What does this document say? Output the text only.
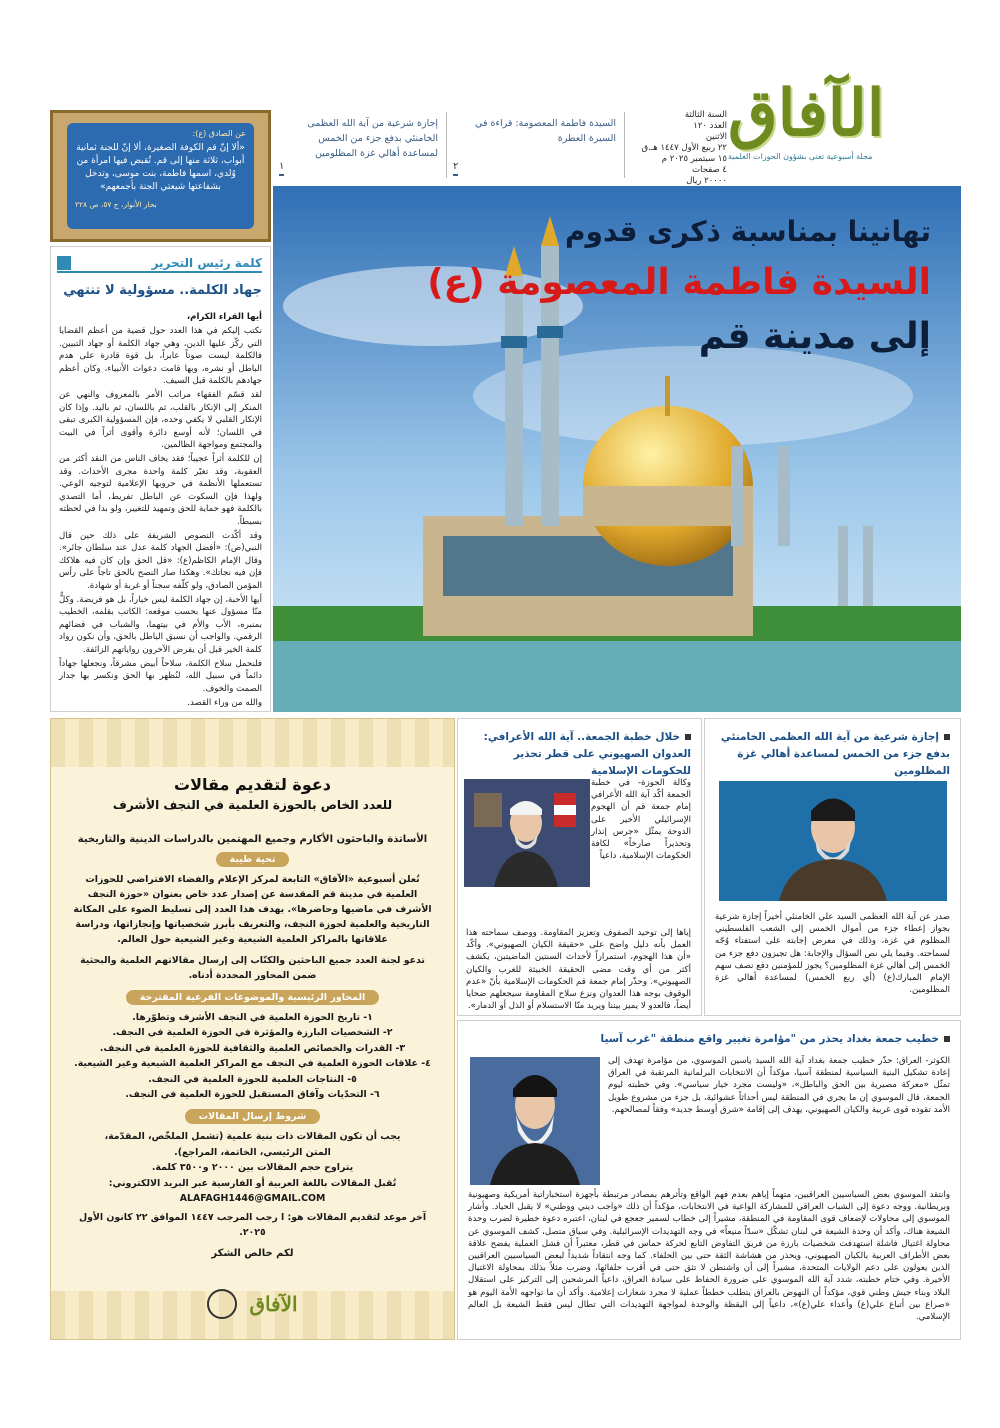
الآفاق
مجلة أسبوعية تعنى بشؤون الحوزات العلمية
السنة الثالثة
العدد ١٢٠
الاثنين
٢٢ ربيع الأول ١٤٤٧ هـ.ق
١٥ سبتمبر ٢٠٢٥ م
٤ صفحات
٢٠٠٠٠ ريال
السيدة فاطمة المعصومة: قراءة في السيرة العطرة
٢
إجازة شرعية من آية الله العظمى الخامنئي بدفع جزء من الخمس لمساعدة أهالي غزة المظلومين
١
عن الصادق (ع):
«ألا إنّ قم الكوفة الصغيرة، ألا إنّ للجنة ثمانية أبواب، ثلاثة منها إلى قم. تُقبض فيها امرأة من وُلدي، اسمها فاطمة، بنت موسى، وتدخل بشفاعتها شيعتي الجنة بأجمعهم»
بحار الأنوار، ج ٥٧، ص ٢٢٨
كلمة رئيس التحرير
جهاد الكلمة.. مسؤولية لا تنتهي

أيها القراء الكرام،

نكتب إليكم في هذا العدد حول قضية من أعظم القضايا التي ركّز عليها الدين، وهي جهاد الكلمة أو جهاد التبيين. فالكلمة ليست صوتاً عابراً، بل قوة قادرة على هدم الباطل أو نشره، وبها قامت دعوات الأنبياء، وكان أعظم جهادهم بالكلمة قبل السيف.

لقد قسّم الفقهاء مراتب الأمر بالمعروف والنهي عن المنكر إلى الإنكار بالقلب، ثم باللسان، ثم باليد. وإذا كان الإنكار القلبي لا يكفي وحده، فإن المسؤولية الكبرى تبقى في اللسان؛ لأنه أوسع دائرة وأقوى أثراً في البيت والمجتمع ومواجهة الظالمين.

إن للكلمة أثراً عجيباً؛ فقد يخاف الناس من النقد أكثر من العقوبة، وقد تغيّر كلمة واحدة مجرى الأحداث. وقد تستعملها الأنظمة في حروبها الإعلامية لتوجيه الوعي. ولهذا فإن السكوت عن الباطل تفريط، أما التصدي بالكلمة فهو حماية للحق وتمهيد للتغيير، ولو بدا في لحظته بسيطاً.

وقد أكّدت النصوص الشريفة على ذلك حين قال النبي(ص): «أفضل الجهاد كلمة عدل عند سلطان جائر». وقال الإمام الكاظم(ع): «قل الحق وإن كان فيه هلاكك فإن فيه نجاتك». وهكذا صار النصح بالحق تاجاً على رأس المؤمن الصادق، ولو كلّفه سجناً أو غربة أو شهادة.

أيها الأحبة، إن جهاد الكلمة ليس خياراً، بل هو فريضة. وكلٌّ منّا مسؤول عنها بحسب موقعه: الكاتب بقلمه، الخطيب بمنبره، الأب والأم في بيتهما، والشباب في فضائهم الرقمي. والواجب أن نسبق الباطل بالحق، وأن نكون رواد كلمة الخير قبل أن يفرض الآخرون رواياتهم الزائفة.

فلنحمل سلاح الكلمة، سلاحاً أبيض مشرقاً، ونجعلها جهاداً دائماً في سبيل الله، لنُظهر بها الحق ونكسر بها جدار الصمت والخوف.

والله من وراء القصد.

تهانينا بمناسبة ذكرى قدوم
السيدة فاطمة المعصومة (ع)
إلى مدينة قم
إجازة شرعية من آية الله العظمى الخامنئي بدفع جزء من الخمس لمساعدة أهالي غزة المظلومين
صدر عن آية الله العظمى السيد علي الخامنئي أخيراً إجازة شرعية بجواز إعطاء جزء من أموال الخمس إلى الشعب الفلسطيني المظلوم في غزة، وذلك في معرض إجابته على استفتاء وُجّه لسماحته. وفيما يلي نص السؤال والإجابة: هل تجيزون دفع جزء من الخمس إلى أهالي غزة المظلومين؟ يجوز للمؤمنين دفع نصف سهم الإمام المبارك(ع) (أي ربع الخمس) لمساعدة أهالي غزة المظلومين.
خلال خطبة الجمعة.. آية الله الأعرافي: العدوان الصهيوني على قطر تحذير للحكومات الإسلامية
وكالة الحوزة- في خطبة الجمعة أكّد آية الله الأعرافي إمام جمعة قم أن الهجوم الإسرائيلي الأخير على الدوحة يمثّل «جرس إنذار وتحذيراً صارخاً» لكافة الحكومات الإسلامية، داعياً
إياها إلى توحيد الصفوف وتعزيز المقاومة. ووصف سماحته هذا العمل بأنه دليل واضح على «حقيقة الكيان الصهيوني». وأكّد «أن هذا الهجوم، استمراراً لأحداث السنتين الماضيتين، يكشف أكثر من أي وقت مضى الحقيقة الخبيثة للغرب والكيان الصهيوني». وحذّر إمام جمعة قم الحكومات الإسلامية بأنّ «عدم الوقوف بوجه هذا العدوان ونزع سلاح المقاومة سيجعلهم ضحايا أيضاً، فالعدو لا يميز بيننا ويريد منّا الاستسلام أو الذل أو الدمار».
خطيب جمعة بغداد يحذر من "مؤامرة تغيير واقع منطقة "غرب آسيا
الكوثر- العراق: حذّر خطيب جمعة بغداد آية الله السيد ياسين الموسوي، من مؤامرة تهدف إلى إعادة تشكيل البنية السياسية لمنطقة آسيا، مؤكداً أن الانتخابات البرلمانية المرتقبة في العراق تمثّل «معركة مصيرية بين الحق والباطل»، «وليست مجرد خيار سياسي». وفي خطبته ليوم الجمعة، قال الموسوي إن ما يجري في المنطقة ليس أحداثاً عشوائية، بل جزء من مشروع طويل الأمد تقوده قوى غربية والكيان الصهيوني، يهدف إلى إقامة «شرق أوسط جديد» وفقاً لمصالحهم.
وانتقد الموسوي بعض السياسيين العراقيين، متهماً إياهم بعدم فهم الواقع وتأثرهم بمصادر مرتبطة بأجهزة استخباراتية أمريكية وصهيونية وبريطانية. ووجه دعوة إلى الشباب العراقي للمشاركة الواعية في الانتخابات، مؤكداً أن ذلك «واجب ديني ووطني» لا يقبل الحياد. وأشار الموسوي إلى محاولات لإضعاف قوى المقاومة في المنطقة، مشيراً إلى خطاب لسمير جعجع في لبنان، اعتبره دعوة خطيرة لضرب وحدة الشيعة هناك، وأكد أن وحدة الشيعة في لبنان تشكّل «سدّاً منيعاً» في وجه التهديدات الإسرائيلية. وفي سياق متصل، كشف الموسوي عن محاولة اغتيال فاشلة استهدفت شخصيات بارزة من فريق التفاوض التابع لحركة حماس في قطر، معتبراً أن فشل العملية يفضح علاقة بعض الأطراف العربية بالكيان الصهيوني، ويحذر من هشاشة الثقة حتى بين الحلفاء. كما وجه انتقاداً شديداً لبعض السياسيين العراقيين الذين يعولون على دعم الولايات المتحدة، مشيراً إلى أن واشنطن لا تثق حتى في أقرب حلفائها، وضرب مثلاً بذلك بمحاولة الاغتيال الأخيرة. وفي ختام خطبته، شدد آية الله الموسوي على ضرورة الحفاظ على سيادة العراق، داعياً المرشحين إلى التركيز على استقلال البلاد وبناء جيش وطني قوي، مؤكداً أن النهوض بالعراق يتطلب خططاً عملية لا مجرد شعارات إعلامية. وأكد أن ما تواجهه الأمة اليوم هو «صراع بين أتباع علي(ع) وأعداء علي(ع)»، داعياً إلى اليقظة والوحدة لمواجهة التهديدات التي تطال ليس فقط الشيعة بل العالم الإسلامي.
دعوة لتقديم مقالات
للعدد الخاص بالحوزة العلمية في النجف الأشرف
الأساتذة والباحثون الأكارم وجميع المهتمين بالدراسات الدينية والتاريخية
تحية طيبة
تُعلن أسبوعية «الآفاق» التابعة لمركز الإعلام والفضاء الافتراضي للحوزات العلمية في مدينة قم المقدسة عن إصدار عدد خاص بعنوان «حوزة النجف الأشرف في ماضيها وحاضرها». يهدف هذا العدد إلى تسليط الضوء على المكانة التاريخية والعلمية لحوزة النجف، والتعريف بأبرز شخصياتها وإنجازاتها، ودراسة علاقاتها بالمراكز العلمية الشيعية وغير الشيعية حول العالم.
تدعو لجنة العدد جميع الباحثين والكتّاب إلى إرسال مقالاتهم العلمية والبحثية ضمن المحاور المحددة أدناه.
المحاور الرئيسية والموضوعات الفرعية المقترحة
١- تاريخ الحوزة العلمية في النجف الأشرف وتطوّرها.
٢- الشخصيات البارزة والمؤثرة في الحوزة العلمية في النجف.
٣- القدرات والخصائص العلمية والثقافية للحوزة العلمية في النجف.
٤- علاقات الحوزة العلمية في النجف مع المراكز العلمية الشيعية وغير الشيعية.
٥- النتاجات العلمية للحوزة العلمية في النجف.
٦- التحدّيات وآفاق المستقبل للحوزة العلمية في النجف.
شروط إرسال المقالات
يجب أن تكون المقالات ذات بنية علمية (تشمل الملخّص، المقدّمة،
المتن الرئيسي، الخاتمة، المراجع).
يتراوح حجم المقالات بين ٢٠٠٠ و٣٥٠٠ كلمة.
تُقبل المقالات باللغة العربية أو الفارسية عبر البريد الالكتروني:
ALAFAGH1446@GMAIL.COM
آخر موعد لتقديم المقالات هو: ا رجب المرجب ١٤٤٧ الموافق ٢٢ كانون الأول ٢٠٢٥.
لكم خالص الشكر
الآفاق
